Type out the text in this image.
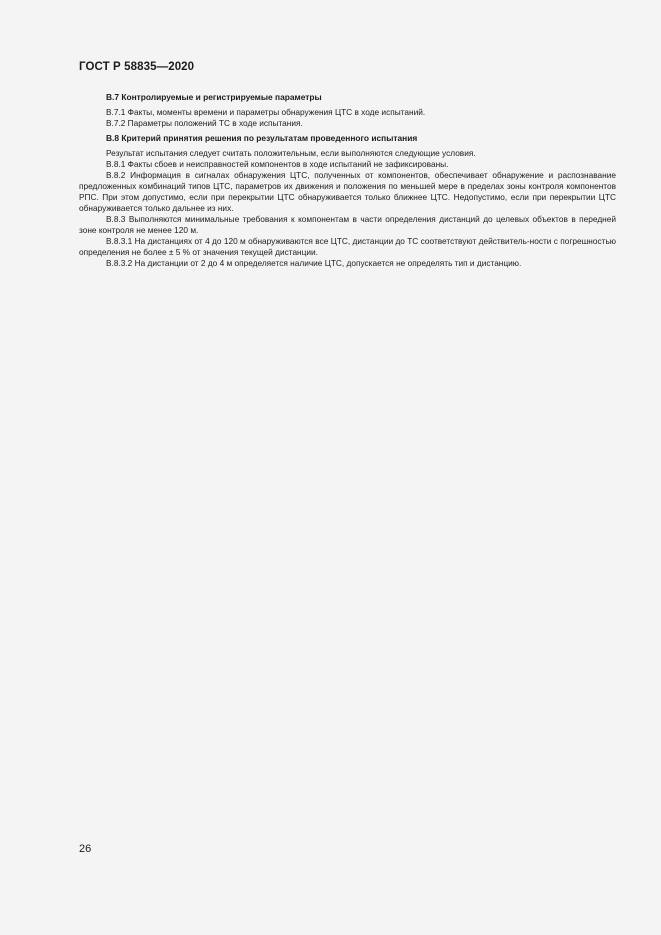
ГОСТ Р 58835—2020
В.7 Контролируемые и регистрируемые параметры

В.7.1 Факты, моменты времени и параметры обнаружения ЦТС в ходе испытаний.

В.7.2 Параметры положений ТС в ходе испытания.

В.8 Критерий принятия решения по результатам проведенного испытания

Результат испытания следует считать положительным, если выполняются следующие условия.

В.8.1 Факты сбоев и неисправностей компонентов в ходе испытаний не зафиксированы.

В.8.2 Информация в сигналах обнаружения ЦТС, полученных от компонентов, обеспечивает обнаружение и распознавание предложенных комбинаций типов ЦТС, параметров их движения и положения по меньшей мере в пределах зоны контроля компонентов РПС. При этом допустимо, если при перекрытии ЦТС обнаруживается только ближнее ЦТС. Недопустимо, если при перекрытии ЦТС обнаруживается только дальнее из них.

В.8.3 Выполняются минимальные требования к компонентам в части определения дистанций до целевых объектов в передней зоне контроля не менее 120 м.

В.8.3.1 На дистанциях от 4 до 120 м обнаруживаются все ЦТС, дистанции до ТС соответствуют действитель-ности с погрешностью определения не более ± 5 % от значения текущей дистанции.

В.8.3.2 На дистанции от 2 до 4 м определяется наличие ЦТС, допускается не определять тип и дистанцию.

26
